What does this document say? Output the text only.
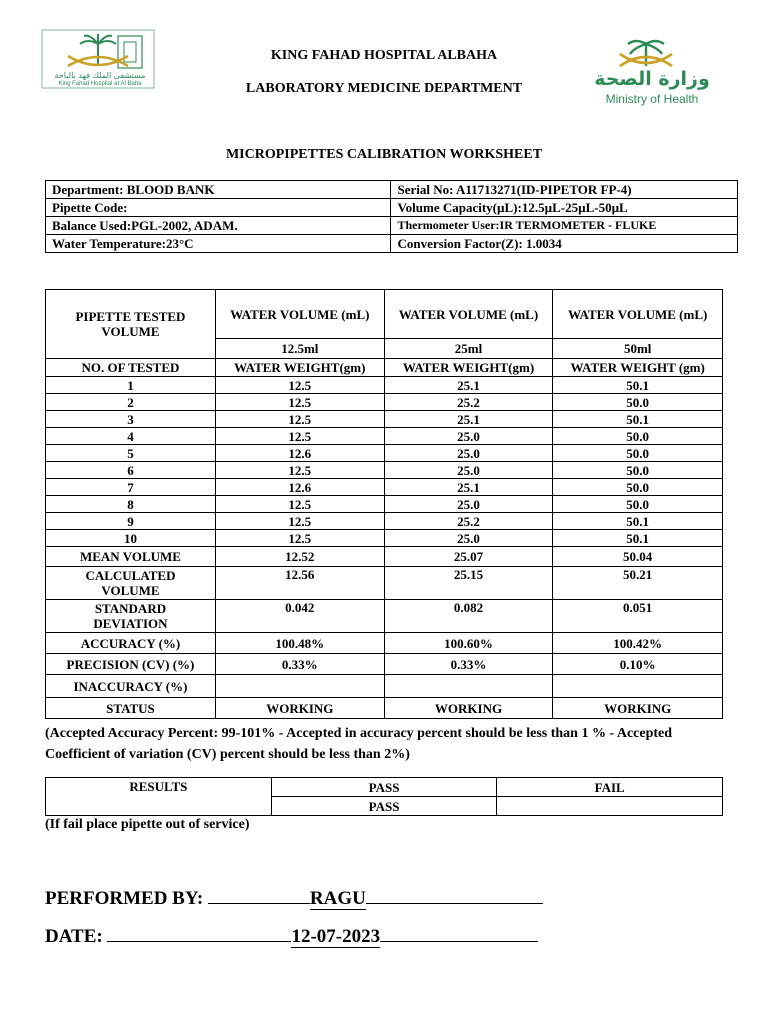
مستشفى الملك فهد بالباحة
King Fahad Hospital at Al Baha	وزارة الصحة
Ministry of Health
KING FAHAD HOSPITAL ALBAHA
LABORATORY MEDICINE DEPARTMENT
MICROPIPETTES CALIBRATION WORKSHEET
Department: BLOOD BANK	Serial No: A11713271(ID-PIPETOR FP-4)
Pipette Code:	Volume Capacity(µL):12.5µL-25µL-50µL
Balance Used:PGL-2002, ADAM.	Thermometer User:IR TERMOMETER - FLUKE
Water Temperature:23°C	Conversion Factor(Z): 1.0034
PIPETTE TESTED VOLUME	WATER VOLUME (mL)	WATER VOLUME (mL)	WATER VOLUME (mL)
	12.5ml	25ml	50ml
NO. OF TESTED	WATER WEIGHT(gm)	WATER WEIGHT(gm)	WATER WEIGHT (gm)
1	12.5	25.1	50.1
2	12.5	25.2	50.0
3	12.5	25.1	50.1
4	12.5	25.0	50.0
5	12.6	25.0	50.0
6	12.5	25.0	50.0
7	12.6	25.1	50.0
8	12.5	25.0	50.0
9	12.5	25.2	50.1
10	12.5	25.0	50.1
MEAN VOLUME	12.52	25.07	50.04
CALCULATED VOLUME	12.56	25.15	50.21
STANDARD DEVIATION	0.042	0.082	0.051
ACCURACY (%)	100.48%	100.60%	100.42%
PRECISION (CV) (%)	0.33%	0.33%	0.10%
INACCURACY (%)			
STATUS	WORKING	WORKING	WORKING
(Accepted Accuracy Percent: 99-101% - Accepted in accuracy percent should be less than 1 % - Accepted Coefficient of variation (CV) percent should be less than 2%)
RESULTS	PASS	FAIL
	PASS	
(If fail place pipette out of service)
PERFORMED BY:	RAGU
DATE:	12-07-2023
